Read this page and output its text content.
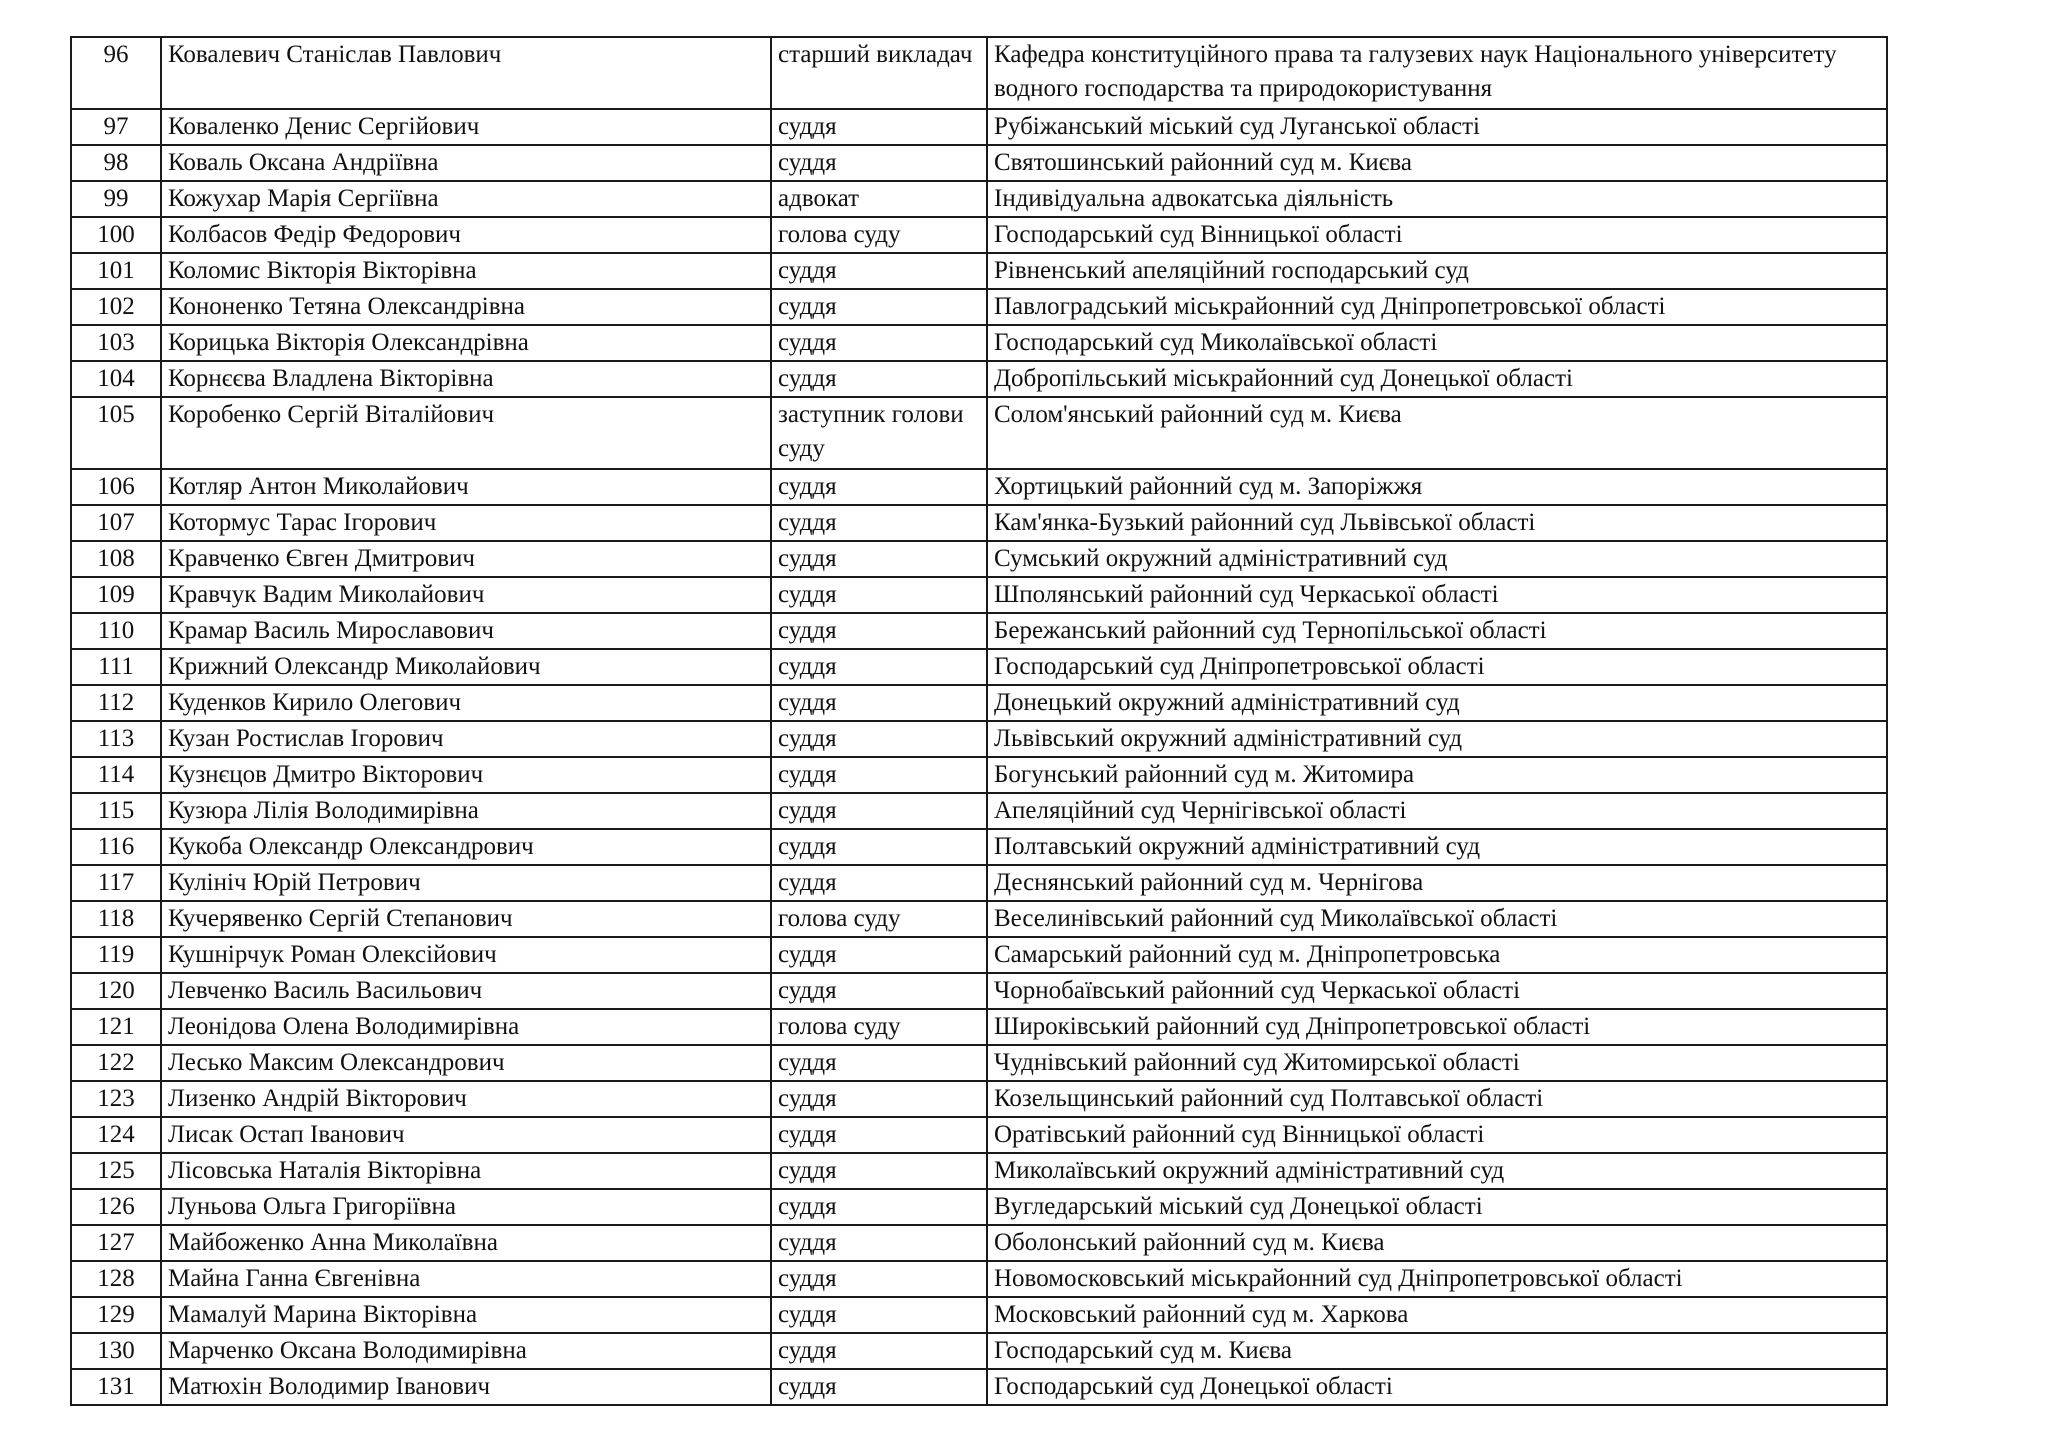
96	Ковалевич Станіслав Павлович	старший викладач	Кафедра конституційного права та галузевих наук Національного університету водного господарства та природокористування
97	Коваленко Денис Сергійович	суддя	Рубіжанський міський суд Луганської області
98	Коваль Оксана Андріївна	суддя	Святошинський районний суд м. Києва
99	Кожухар Марія Сергіївна	адвокат	Індивідуальна адвокатська діяльність
100	Колбасов Федір Федорович	голова суду	Господарський суд Вінницької області
101	Коломис Вікторія Вікторівна	суддя	Рівненський апеляційний господарський суд
102	Кононенко Тетяна Олександрівна	суддя	Павлоградський міськрайонний суд Дніпропетровської області
103	Корицька Вікторія Олександрівна	суддя	Господарський суд Миколаївської області
104	Корнєєва Владлена Вікторівна	суддя	Добропільський міськрайонний суд Донецької області
105	Коробенко Сергій Віталійович	заступник голови суду	Солом'янський районний суд м. Києва
106	Котляр Антон Миколайович	суддя	Хортицький районний суд м. Запоріжжя
107	Котормус Тарас Ігорович	суддя	Кам'янка-Бузький районний суд Львівської області
108	Кравченко Євген Дмитрович	суддя	Сумський окружний адміністративний суд
109	Кравчук Вадим Миколайович	суддя	Шполянський районний суд Черкаської області
110	Крамар Василь Мирославович	суддя	Бережанський районний суд Тернопільської області
111	Крижний Олександр Миколайович	суддя	Господарський суд Дніпропетровської області
112	Куденков Кирило Олегович	суддя	Донецький окружний адміністративний суд
113	Кузан Ростислав Ігорович	суддя	Львівський окружний адміністративний суд
114	Кузнєцов Дмитро Вікторович	суддя	Богунський районний суд м. Житомира
115	Кузюра Лілія Володимирівна	суддя	Апеляційний суд Чернігівської області
116	Кукоба Олександр Олександрович	суддя	Полтавський окружний адміністративний суд
117	Кулініч Юрій Петрович	суддя	Деснянський районний суд м. Чернігова
118	Кучерявенко Сергій Степанович	голова суду	Веселинівський районний суд Миколаївської області
119	Кушнірчук Роман Олексійович	суддя	Самарський районний суд м. Дніпропетровська
120	Левченко Василь Васильович	суддя	Чорнобаївський районний суд Черкаської області
121	Леонідова Олена Володимирівна	голова суду	Широківський районний суд Дніпропетровської області
122	Лесько Максим Олександрович	суддя	Чуднівський районний суд Житомирської області
123	Лизенко Андрій Вікторович	суддя	Козельщинський районний суд Полтавської області
124	Лисак Остап Іванович	суддя	Оратівський районний суд Вінницької області
125	Лісовська Наталія Вікторівна	суддя	Миколаївський окружний адміністративний суд
126	Луньова Ольга Григоріївна	суддя	Вугледарський міський суд Донецької області
127	Майбоженко Анна Миколаївна	суддя	Оболонський районний суд м. Києва
128	Майна Ганна Євгенівна	суддя	Новомосковський міськрайонний суд Дніпропетровської області
129	Мамалуй Марина Вікторівна	суддя	Московський районний суд м. Харкова
130	Марченко Оксана Володимирівна	суддя	Господарський суд м. Києва
131	Матюхін Володимир Іванович	суддя	Господарський суд Донецької області
